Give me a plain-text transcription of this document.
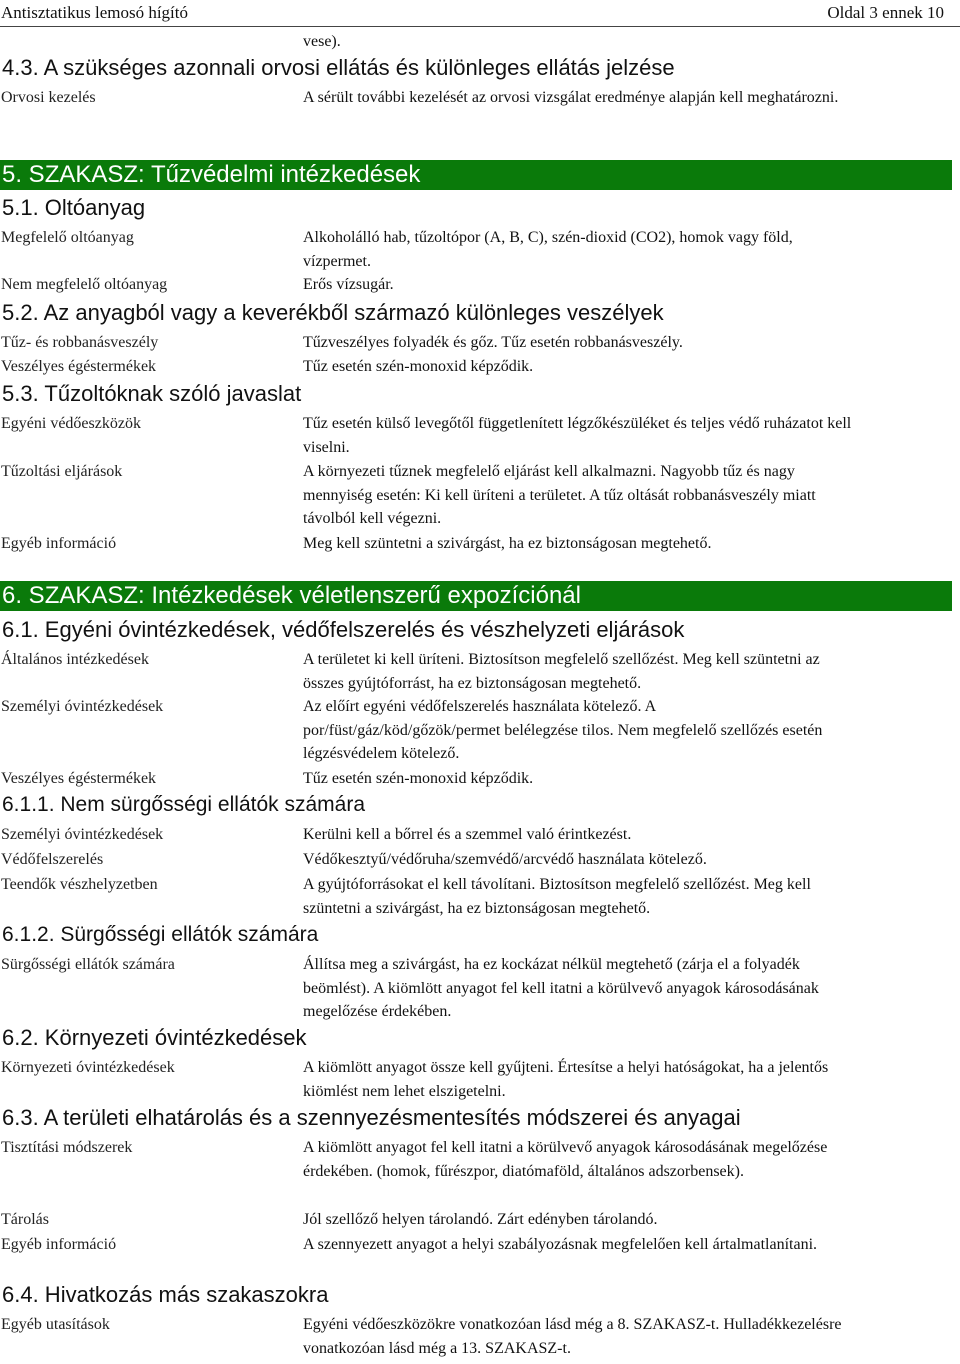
Antisztatikus lemosó hígító	Oldal 3 ennek 10
vese).
4.3. A szükséges azonnali orvosi ellátás és különleges ellátás jelzése
Orvosi kezelés	A sérült további kezelését az orvosi vizsgálat eredménye alapján kell meghatározni.
5. SZAKASZ: Tűzvédelmi intézkedések
5.1. Oltóanyag
Megfelelő oltóanyag	Alkoholálló hab, tűzoltópor (A, B, C), szén-dioxid (CO2), homok vagy föld, vízpermet.
Nem megfelelő oltóanyag	Erős vízsugár.
5.2. Az anyagból vagy a keverékből származó különleges veszélyek
Tűz- és robbanásveszély	Tűzveszélyes folyadék és gőz. Tűz esetén robbanásveszély.
Veszélyes égéstermékek	Tűz esetén szén-monoxid képződik.
5.3. Tűzoltóknak szóló javaslat
Egyéni védőeszközök	Tűz esetén külső levegőtől függetlenített légzőkészüléket és teljes védő ruházatot kell viselni.
Tűzoltási eljárások	A környezeti tűznek megfelelő eljárást kell alkalmazni. Nagyobb tűz és nagy mennyiség esetén: Ki kell üríteni a területet. A tűz oltását robbanásveszély miatt távolból kell végezni.
Egyéb információ	Meg kell szüntetni a szivárgást, ha ez biztonságosan megtehető.
6. SZAKASZ: Intézkedések véletlenszerű expozíciónál
6.1. Egyéni óvintézkedések, védőfelszerelés és vészhelyzeti eljárások
Általános intézkedések	A területet ki kell üríteni. Biztosítson megfelelő szellőzést. Meg kell szüntetni az összes gyújtóforrást, ha ez biztonságosan megtehető.
Személyi óvintézkedések	Az előírt egyéni védőfelszerelés használata kötelező. A por/füst/gáz/köd/gőzök/permet belélegzése tilos. Nem megfelelő szellőzés esetén légzésvédelem kötelező.
Veszélyes égéstermékek	Tűz esetén szén-monoxid képződik.
6.1.1. Nem sürgősségi ellátók számára
Személyi óvintézkedések	Kerülni kell a bőrrel és a szemmel való érintkezést.
Védőfelszerelés	Védőkesztyű/védőruha/szemvédő/arcvédő használata kötelező.
Teendők vészhelyzetben	A gyújtóforrásokat el kell távolítani. Biztosítson megfelelő szellőzést. Meg kell szüntetni a szivárgást, ha ez biztonságosan megtehető.
6.1.2. Sürgősségi ellátók számára
Sürgősségi ellátók számára	Állítsa meg a szivárgást, ha ez kockázat nélkül megtehető (zárja el a folyadék beömlést). A kiömlött anyagot fel kell itatni a körülvevő anyagok károsodásának megelőzése érdekében.
6.2. Környezeti óvintézkedések
Környezeti óvintézkedések	A kiömlött anyagot össze kell gyűjteni. Értesítse a helyi hatóságokat, ha a jelentős kiömlést nem lehet elszigetelni.
6.3. A területi elhatárolás és a szennyezésmentesítés módszerei és anyagai
Tisztítási módszerek	A kiömlött anyagot fel kell itatni a körülvevő anyagok károsodásának megelőzése érdekében. (homok, fűrészpor, diatómaföld, általános adszorbensek).
Tárolás	Jól szellőző helyen tárolandó. Zárt edényben tárolandó.
Egyéb információ	A szennyezett anyagot a helyi szabályozásnak megfelelően kell ártalmatlanítani.
6.4. Hivatkozás más szakaszokra
Egyéb utasítások	Egyéni védőeszközökre vonatkozóan lásd még a 8. SZAKASZ-t. Hulladékkezelésre vonatkozóan lásd még a 13. SZAKASZ-t.
